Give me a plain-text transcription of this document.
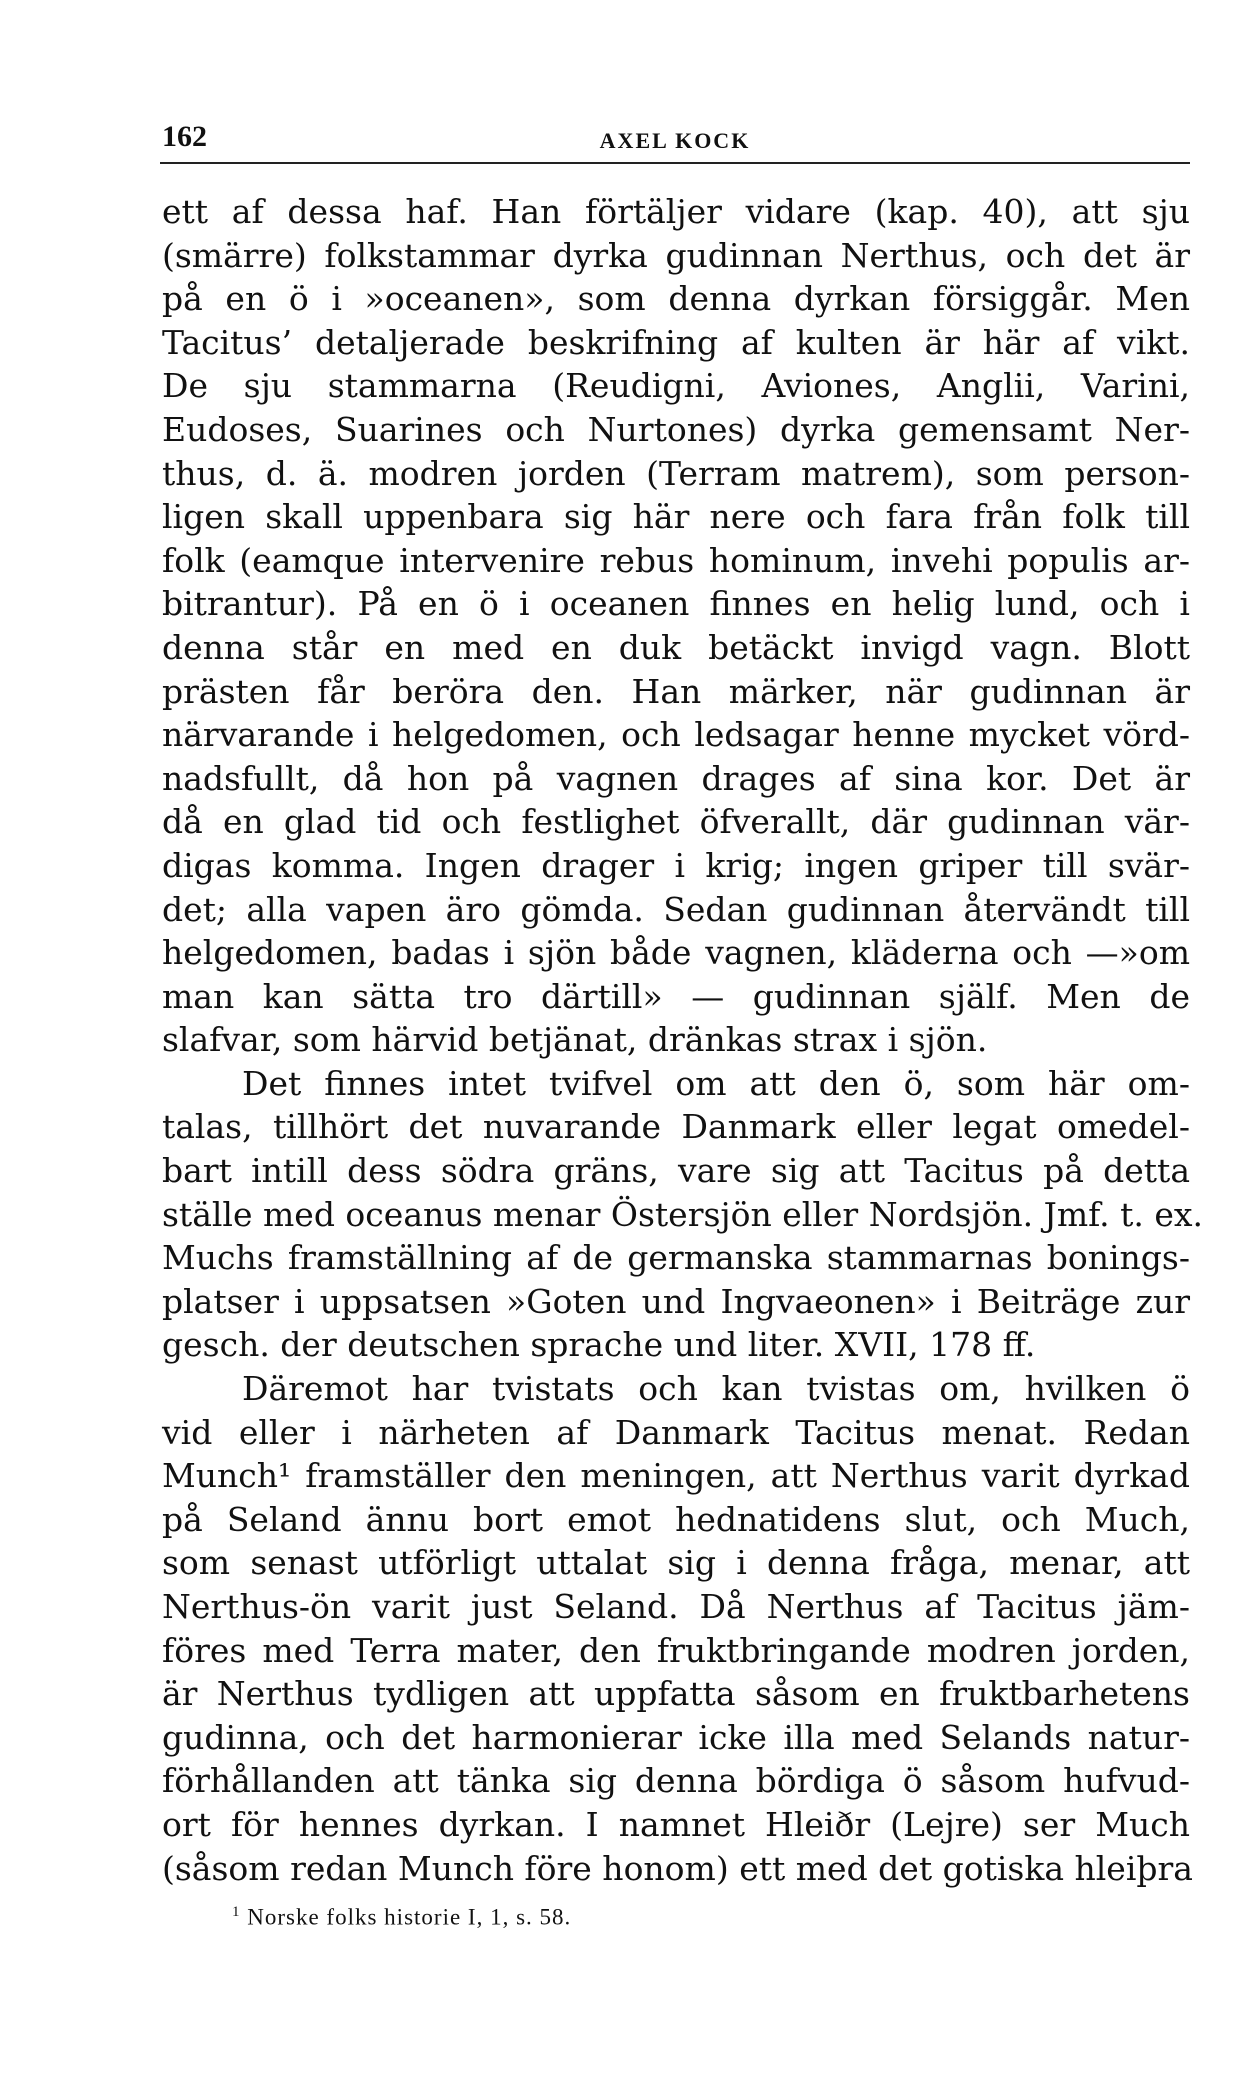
162	AXEL KOCK
ett af dessa haf. Han förtäljer vidare (kap. 40), att sju
(smärre) folkstammar dyrka gudinnan Nerthus, och det är
på en ö i »oceanen», som denna dyrkan försiggår. Men
Tacitus’ detaljerade beskrifning af kulten är här af vikt.
De sju stammarna (Reudigni, Aviones, Anglii, Varini,
Eudoses, Suarines och Nurtones) dyrka gemensamt Ner-
thus, d. ä. modren jorden (Terram matrem), som person-
ligen skall uppenbara sig här nere och fara från folk till
folk (eamque intervenire rebus hominum, invehi populis ar-
bitrantur). På en ö i oceanen finnes en helig lund, och i
denna står en med en duk betäckt invigd vagn. Blott
prästen får beröra den. Han märker, när gudinnan är
närvarande i helgedomen, och ledsagar henne mycket vörd-
nadsfullt, då hon på vagnen drages af sina kor. Det är
då en glad tid och festlighet öfverallt, där gudinnan vär-
digas komma. Ingen drager i krig; ingen griper till svär-
det; alla vapen äro gömda. Sedan gudinnan återvändt till
helgedomen, badas i sjön både vagnen, kläderna och —»om
man kan sätta tro därtill» — gudinnan själf. Men de
slafvar, som härvid betjänat, dränkas strax i sjön.
Det finnes intet tvifvel om att den ö, som här om-
talas, tillhört det nuvarande Danmark eller legat omedel-
bart intill dess södra gräns, vare sig att Tacitus på detta
ställe med oceanus menar Östersjön eller Nordsjön. Jmf. t. ex.
Muchs framställning af de germanska stammarnas bonings-
platser i uppsatsen »Goten und Ingvaeonen» i Beiträge zur
gesch. der deutschen sprache und liter. XVII, 178 ff.
Däremot har tvistats och kan tvistas om, hvilken ö
vid eller i närheten af Danmark Tacitus menat. Redan
Munch¹ framställer den meningen, att Nerthus varit dyrkad
på Seland ännu bort emot hednatidens slut, och Much,
som senast utförligt uttalat sig i denna fråga, menar, att
Nerthus-ön varit just Seland. Då Nerthus af Tacitus jäm-
föres med Terra mater, den fruktbringande modren jorden,
är Nerthus tydligen att uppfatta såsom en fruktbarhetens
gudinna, och det harmonierar icke illa med Selands natur-
förhållanden att tänka sig denna bördiga ö såsom hufvud-
ort för hennes dyrkan. I namnet Hleiðr (Lejre) ser Much
(såsom redan Munch före honom) ett med det gotiska hleiþra
$^1$ Norske folks historie I, 1, s. 58.
